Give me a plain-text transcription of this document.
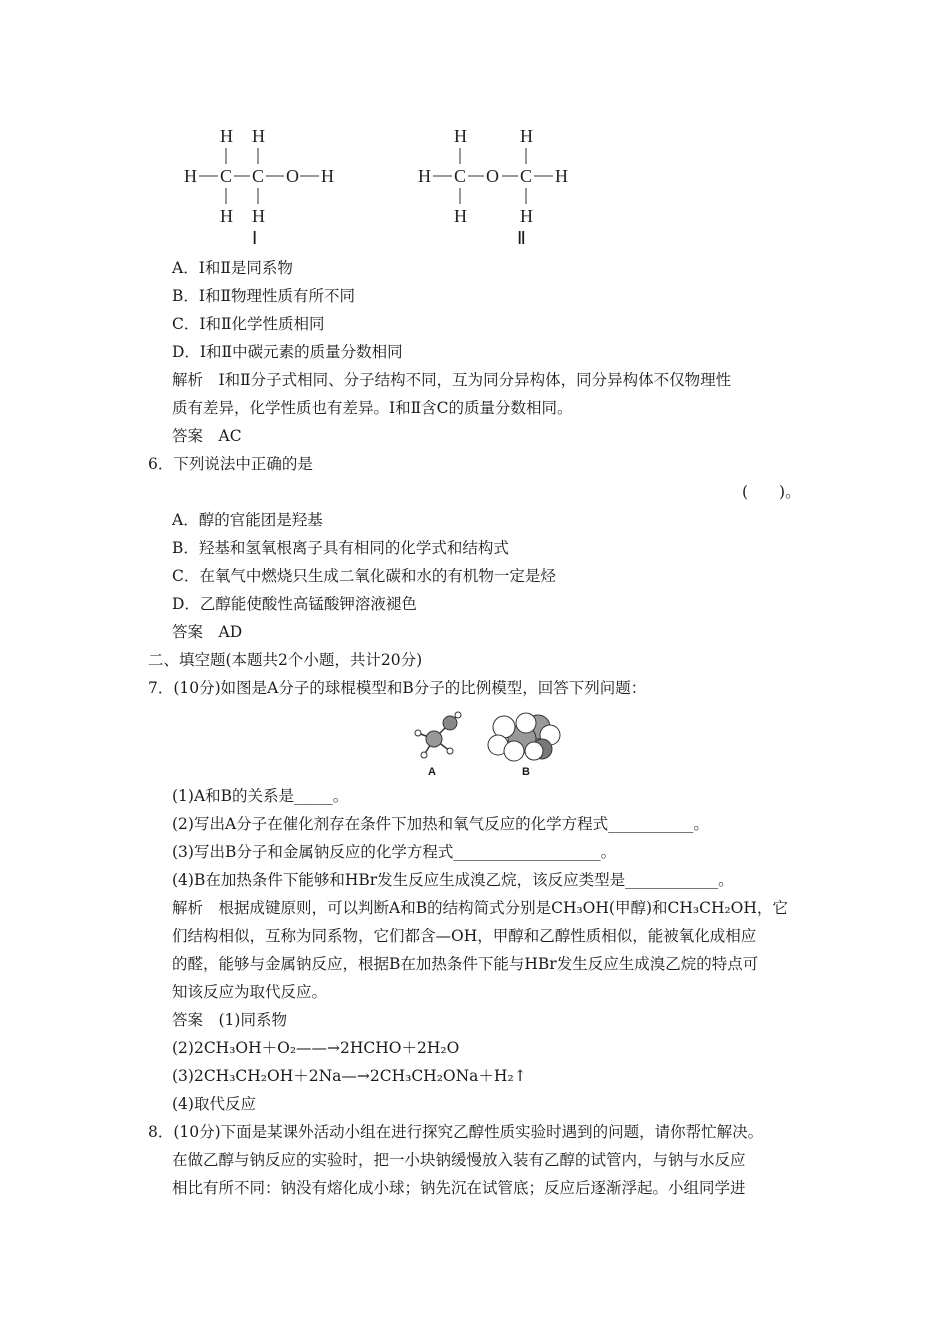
H H
H C C O H
H H
Ⅰ
H	H
H C O C H
H	H
Ⅱ
A．Ⅰ和Ⅱ是同系物
B．Ⅰ和Ⅱ物理性质有所不同
C．Ⅰ和Ⅱ化学性质相同
D．Ⅰ和Ⅱ中碳元素的质量分数相同
解析　Ⅰ和Ⅱ分子式相同、分子结构不同，互为同分异构体，同分异构体不仅物理性
质有差异，化学性质也有差异。Ⅰ和Ⅱ含C的质量分数相同。
答案　AC
6．下列说法中正确的是
(　　)。
A．醇的官能团是羟基
B．羟基和氢氧根离子具有相同的化学式和结构式
C．在氧气中燃烧只生成二氧化碳和水的有机物一定是烃
D．乙醇能使酸性高锰酸钾溶液褪色
答案　AD
二、填空题(本题共2个小题，共计20分)
7．(10分)如图是A分子的球棍模型和B分子的比例模型，回答下列问题：
A	B
(1)A和B的关系是_____。
(2)写出A分子在催化剂存在条件下加热和氧气反应的化学方程式___________。
(3)写出B分子和金属钠反应的化学方程式___________________。
(4)B在加热条件下能够和HBr发生反应生成溴乙烷，该反应类型是____________。
解析　根据成键原则，可以判断A和B的结构简式分别是CH₃OH(甲醇)和CH₃CH₂OH，它
们结构相似，互称为同系物，它们都含—OH，甲醇和乙醇性质相似，能被氧化成相应
的醛，能够与金属钠反应，根据B在加热条件下能与HBr发生反应生成溴乙烷的特点可
知该反应为取代反应。
答案　(1)同系物
(2)2CH₃OH＋O₂——→2HCHO＋2H₂O
(3)2CH₃CH₂OH＋2Na—→2CH₃CH₂ONa＋H₂↑
(4)取代反应
8．(10分)下面是某课外活动小组在进行探究乙醇性质实验时遇到的问题，请你帮忙解决。
在做乙醇与钠反应的实验时，把一小块钠缓慢放入装有乙醇的试管内，与钠与水反应
相比有所不同：钠没有熔化成小球；钠先沉在试管底；反应后逐渐浮起。小组同学进
